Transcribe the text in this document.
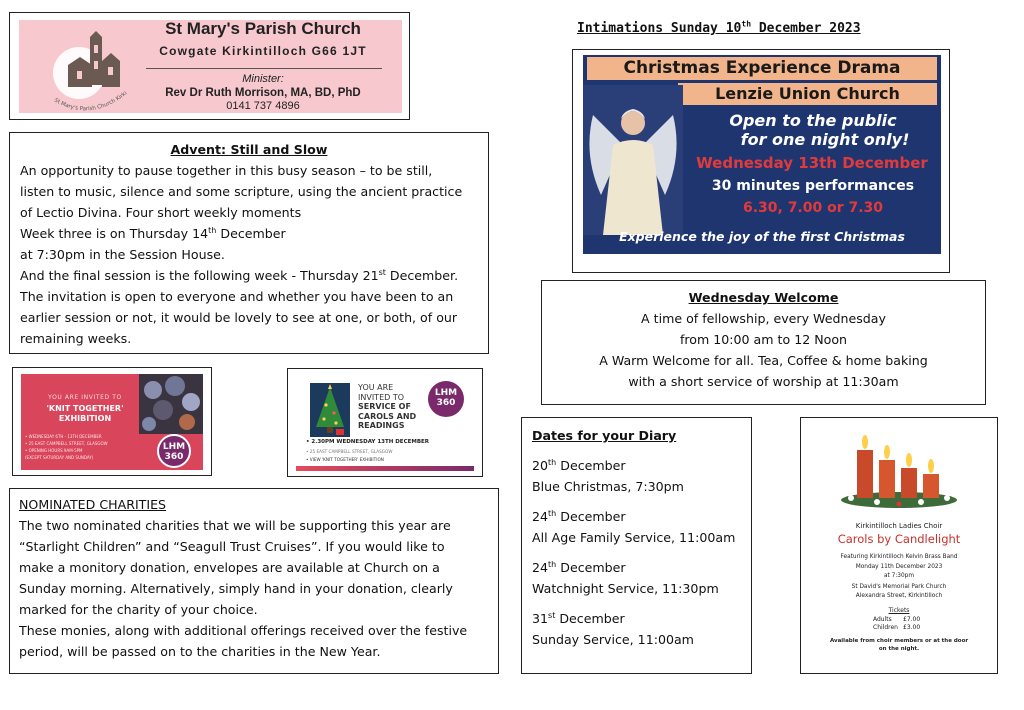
St Mary's Parish Church Kirki
St Mary's Parish Church
Cowgate Kirkintilloch G66 1JT
Minister:
Rev Dr Ruth Morrison, MA, BD, PhD
0141 737 4896
Intimations Sunday 10th December 2023
Advent: Still and Slow
An opportunity to pause together in this busy season – to be still,
listen to music, silence and some scripture, using the ancient practice
of Lectio Divina. Four short weekly moments
Week three is on Thursday 14th December
at 7:30pm in the Session House.
And the final session is the following week - Thursday 21st December.
The invitation is open to everyone and whether you have been to an
earlier session or not, it would be lovely to see at one, or both, of our
remaining weeks.
YOU ARE INVITED TO
'KNIT TOGETHER'
EXHIBITION
• WEDNESDAY 6TH - 13TH DECEMBER
• 25 EAST CAMPBELL STREET, GLASGOW
• OPENING HOURS 9AM-5PM
(EXCEPT SATURDAY AND SUNDAY)
LHM
360
YOU ARE
INVITED TO
SERVICE OF
CAROLS AND
READINGS
LHM
360
• 2.30PM WEDNESDAY 13TH DECEMBER
• 25 EAST CAMPBELL STREET, GLASGOW
• VIEW 'KNIT TOGETHER' EXHIBITION
NOMINATED CHARITIES
The two nominated charities that we will be supporting this year are
“Starlight Children” and “Seagull Trust Cruises”. If you would like to
make a monitory donation, envelopes are available at Church on a
Sunday morning. Alternatively, simply hand in your donation, clearly
marked for the charity of your choice.
These monies, along with additional offerings received over the festive
period, will be passed on to the charities in the New Year.
Christmas Experience Drama
Lenzie Union Church
Open to the public
for one night only!
Wednesday 13th December
30 minutes performances
6.30, 7.00 or 7.30
Experience the joy of the first Christmas
Wednesday Welcome
A time of fellowship, every Wednesday
from 10:00 am to 12 Noon
A Warm Welcome for all. Tea, Coffee & home baking
with a short service of worship at 11:30am
Dates for your Diary
20th December
Blue Christmas, 7:30pm
24th December
All Age Family Service, 11:00am
24th December
Watchnight Service, 11:30pm
31st December
Sunday Service, 11:00am
Kirkintilloch Ladies Choir
Carols by Candlelight
Featuring Kirkintilloch Kelvin Brass Band
Monday 11th December 2023
at 7:30pm
St David's Memorial Park Church
Alexandra Street, Kirkintilloch
Tickets
Adults £7.00
Children £3.00
Available from choir members or at the door
on the night.
